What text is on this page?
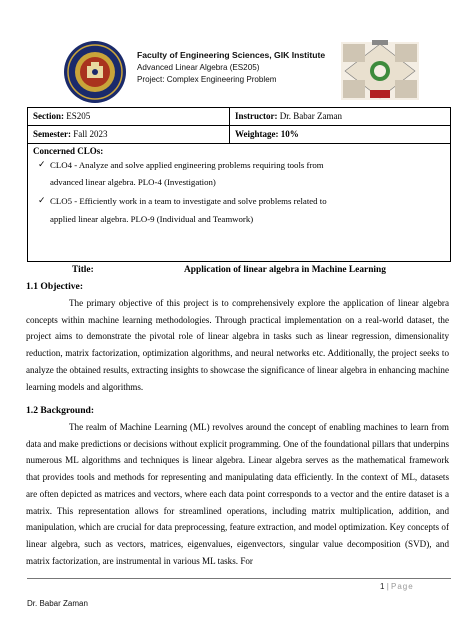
Faculty of Engineering Sciences, GIK Institute
Advanced Linear Algebra (ES205)
Project: Complex Engineering Problem
Section: ES205	Instructor: Dr. Babar Zaman
Semester: Fall 2023	Weightage: 10%
Concerned CLOs:
✓ CLO4 - Analyze and solve applied engineering problems requiring tools from
advanced linear algebra. PLO-4 (Investigation)
✓ CLO5 - Efficiently work in a team to investigate and solve problems related to
applied linear algebra. PLO-9 (Individual and Teamwork)
Title:	Application of linear algebra in Machine Learning
1.1 Objective:

The primary objective of this project is to comprehensively explore the application of linear algebra concepts within machine learning methodologies. Through practical implementation on a real-world dataset, the project aims to demonstrate the pivotal role of linear algebra in tasks such as linear regression, dimensionality reduction, matrix factorization, optimization algorithms, and neural networks etc. Additionally, the project seeks to analyze the obtained results, extracting insights to showcase the significance of linear algebra in enhancing machine learning models and algorithms.

1.2 Background:

The realm of Machine Learning (ML) revolves around the concept of enabling machines to learn from data and make predictions or decisions without explicit programming. One of the foundational pillars that underpins numerous ML algorithms and techniques is linear algebra. Linear algebra serves as the mathematical framework that provides tools and methods for representing and manipulating data efficiently. In the context of ML, datasets are often depicted as matrices and vectors, where each data point corresponds to a vector and the entire dataset is a matrix. This representation allows for streamlined operations, including matrix multiplication, addition, and manipulation, which are crucial for data preprocessing, feature extraction, and model optimization. Key concepts of linear algebra, such as vectors, matrices, eigenvalues, eigenvectors, singular value decomposition (SVD), and matrix factorization, are instrumental in various ML tasks. For

1 | Page
Dr. Babar Zaman
